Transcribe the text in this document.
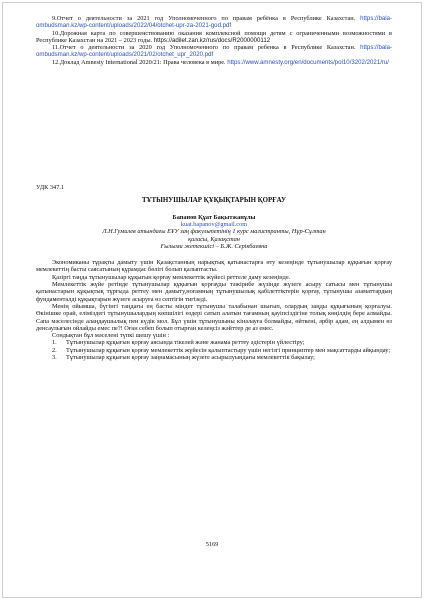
9.Отчет о деятельности за 2021 год Уполномоченного по правам ребёнка в Республике Казахстан. https://balа-ombudsman.kz/wp-content/uploads/2022/04/otchet-upr-za-2021-god.pdf

10.Дорожная карта по совершенствованию оказания комплексной помощи детям с ограниченными возможностями в Республике Казахстан на 2021 – 2023 годы. https://adilet.zan.kz/rus/docs/R2000000112

11.Отчет о деятельности за 2020 год Уполномоченного по правам ребенка в Республике Казахстан. https://bala-ombudsman.kz/wp-content/uploads/2021/02/otchet_upr_2020.pdf

12.Доклад Amnesty International 2020/21: Права человека в мире. https://www.amnesty.org/en/documents/pol10/3202/2021/ru/

УДК 347.1

ТҰТЫНУШЫЛАР ҚҰҚЫҚТАРЫН ҚОРҒАУ

Бапанов Құат Бақытжанұлы

kuat.bapanov@gmail.com

Л.Н.Гумилев атындағы ЕҰУ заң факультетінің 1 курс магистранты, Нұр-Сұлтан

қаласы, Қазақстан

Ғылыми жетекшісі – Б.Ж. Серікбаевна

Экономиканы тұрақты дамыту үшін Қазақстанның нарықтық қатынастарға өту кезеңінде тұтынушылар құқығын қорғау мемлекеттің басты саясатының құрамдас бөлігі болып қалыптасты.

Қазіргі таңда тұтынушылар құқығын қорғау мемлекеттік жүйесі реттеле даму кезеңінде.

Мемлекеттік жүйе ретінде тұтынушылар құқығын қорғауды тәжірибе жүзінде жүзеге асыру сатысы мен тұтынушы қатынастарын құқықтық тұрғыда реттеу мен дамыту,ноғамның тұтынушылық қабілеттіктерін қорғау, тұтынушы азаматтардың фундаменталді құқықтарын жүзеге асыруға өз септігін тигізеді.

Менің ойымша, бүгінгі таңдағы ең басты міндет тұтынушы талабынан шығып, олардың заңды құқығының қорғалуы. Өкінішке орай, еліміздегі тұтынушылардың көпшілігі өздері сатып алатын тағамның қауіпсіздігіне толық көңілдің бере алмайды. Сапа мәселесінде алаңдаушылық пен күдік мол. Бұл үшін тұтынушыны кінәлауға болмайды, өйткені, әрбір адам, ең алдымен өз денсаулығын ойлайды емес пе?! Оған себеп болып отырған келеңсіз жәйттер де аз емес.

Сондықтан бұл мәселені түпкі шешу үшін :

1.	Тұтынушылар құқығын қорғау аясында тікелей және жанама реттеу әдістерін үйлестіру;
2.	Тұтынушылар құқығын қорғау мемлекеттік жүйесін қалыптастыру үшін негізгі принциптер мен мақсаттарды айқындау;
3.	Тұтынушылар құқығын қорғау заңнамасының жүзеге асырылуындағы мемлекеттік бақылау;
5169
